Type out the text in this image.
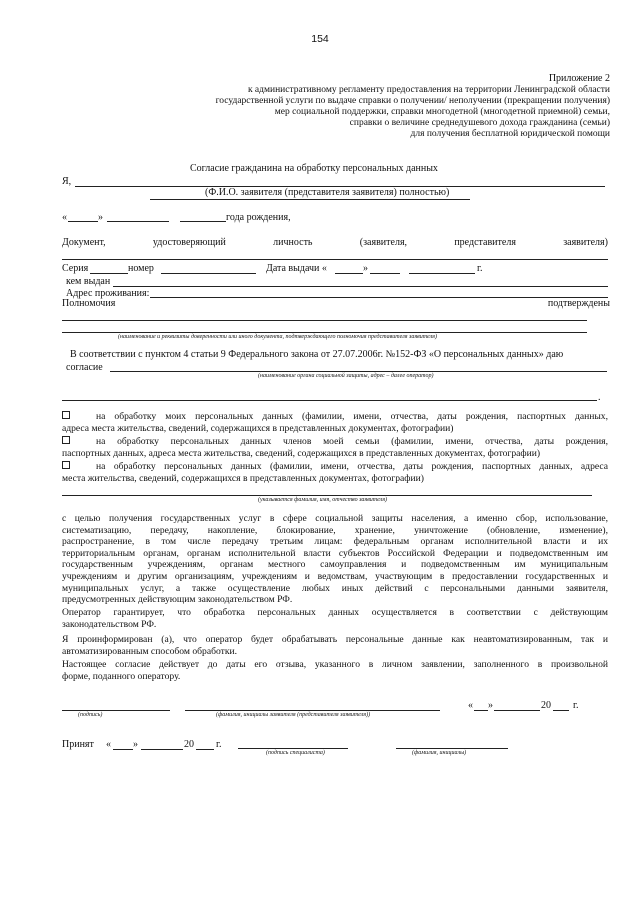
154
Приложение 2
к административному регламенту предоставления на территории Ленинградской области
государственной услуги по выдаче справки о получении/ неполучении (прекращении получения)
мер социальной поддержки, справки многодетной (многодетной приемной) семьи,
справки о величине среднедушевого дохода гражданина (семьи)
для получения бесплатной юридической помощи
Согласие гражданина на обработку персональных данных
Я,
(Ф.И.О. заявителя (представителя заявителя) полностью)
«	»	года рождения,
Документ,	удостоверяющий	личность	(заявителя,	представителя	заявителя)
Серия	номер	Дата выдачи «	»	г.
кем выдан
Адрес проживания:
Полномочия	подтверждены
(наименование и реквизиты доверенности или иного документа, подтверждающего полномочия представителя заявителя)
В соответствии с пунктом 4 статьи 9 Федерального закона от 27.07.2006г. №152-ФЗ «О персональных данных» даю
согласие
(наименование органа социальной защиты, адрес – далее оператор)
.
на обработку моих персональных данных (фамилии, имени, отчества, даты рождения, паспортных данных,
адреса места жительства, сведений, содержащихся в представленных документах, фотографии)
на обработку персональных данных членов моей семьи (фамилии, имени, отчества, даты рождения,
паспортных данных, адреса места жительства, сведений, содержащихся в представленных документах, фотографии)
на обработку персональных данных (фамилии, имени, отчества, даты рождения, паспортных данных, адреса
места жительства, сведений, содержащихся в представленных документах, фотографии)
(указывается фамилия, имя, отчество заявителя)
с целью получения государственных услуг в сфере социальной защиты населения, а именно сбор, использование,
систематизацию, передачу, накопление, блокирование, хранение, уничтожение (обновление, изменение),
распространение, в том числе передачу третьим лицам: федеральным органам исполнительной власти и их
территориальным органам, органам исполнительной власти субъектов Российской Федерации и подведомственным им
государственным учреждениям, органам местного самоуправления и подведомственным им муниципальным
учреждениям и другим организациям, учреждениям и ведомствам, участвующим в предоставлении государственных и
муниципальных услуг, а также осуществление любых иных действий с персональными данными заявителя,
предусмотренных действующим законодательством РФ.
Оператор гарантирует, что обработка персональных данных осуществляется в соответствии с действующим
законодательством РФ.
Я проинформирован (а), что оператор будет обрабатывать персональные данные как неавтоматизированным, так и
автоматизированным способом обработки.
Настоящее согласие действует до даты его отзыва, указанного в личном заявлении, заполненного в произвольной
форме, поданного оператору.
(подпись)	(фамилия, инициалы заявителя (представителя заявителя))
« »	20 г.
Принят « »	20 г.
(подпись специалиста)	(фамилия, инициалы)
